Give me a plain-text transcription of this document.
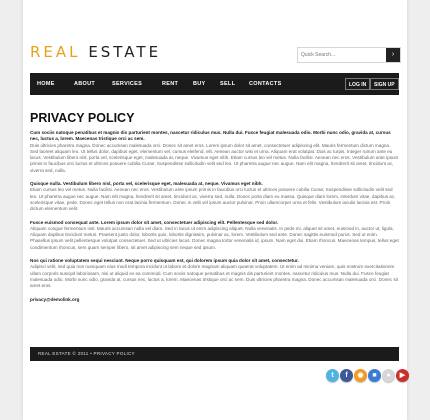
REAL ESTATE
Quick Search...	›
HOME	ABOUT	SERVICES	RENT	BUY	SELL CONTACTS	LOG IN	SIGN UP
PRIVACY POLICY

Cum sociis natoque penatibus et magnis dis parturient montes, nascetur ridiculus mus. Nulla dui. Fusce feugiat malesuada odio. Morbi nunc odio, gravida at, cursus nec, luctus a, lorem. Maecenas tristique orci ac sem.
Duis ultricies pharetra magna. Donec accumsan malesuada orci. Donec sit amet eros. Lorem ipsum dolor sit amet, consectetuer adipiscing elit. Mauris fermentum dictum magna. Sed laoreet aliquam leo. Ut tellus dolor, dapibus eget, elementum vel, cursus eleifend, elit. Aenean auctor wisi et urna. Aliquam erat volutpat. Duis ac turpis. Integer rutrum ante eu lacus. Vestibulum libero nisl, porta vel, scelerisque eget, malesuada at, neque. Vivamus eget nibh. Etiam cursus leo vel metus. Nulla facilisi. Aenean nec eros. Vestibulum ante ipsum primis in faucibus orci luctus et ultrices posuere cubilia Curae; Suspendisse sollicitudin velit sed leo. Ut pharetra augue nec augue. Nam elit magna, hendrerit sit amet, tincidunt ac, viverra sed, nulla.

Quisque nulla. Vestibulum libero nisl, porta vel, scelerisque eget, malesuada at, neque. Vivamus eget nibh.
Etiam cursus leo vel metus. Nulla facilisi. Aenean nec eros. Vestibulum ante ipsum primis in faucibus orci luctus et ultrices posuere cubilia Curae; Suspendisse sollicitudin velit sed leo. Ut pharetra augue nec augue. Nam elit magna, hendrerit sit amet, tincidunt ac, viverra sed, nulla. Donec porta diam eu massa. Quisque diam lorem, interdum vitae, dapibus ac, scelerisque vitae, pede. Donec eget tellus non erat lacinia fermentum. Donec in velit vel ipsum auctor pulvinar. Proin ullamcorper urna et felis. Vestibulum iaculis lacinia est. Proin dictum elementum velit.

Fusce euismod consequat ante. Lorem ipsum dolor sit amet, consectetuer adipiscing elit. Pellentesque sed dolor.
Aliquam congue fermentum nisl. Mauris accumsan nulla vel diam. Sed in lacus ut enim adipiscing aliquet. Nulla venenatis. In pede mi, aliquet sit amet, euismod in, auctor ut, ligula. Aliquam dapibus tincidunt metus. Praesent justo dolor, lobortis quis, lobortis dignissim, pulvinar ac, lorem. Vestibulum sed ante. Donec sagittis euismod purus. Sed ut enim. Phasellus ipsum velit pellentesque volutpat consectetuer. Sed ut ultricies lacus. Donec magna tortor venenatis id, ipsum. Nam eget dui. Etiam rhoncus. Maecenas tempus, tellus eget condimentum rhoncus, sem quam semper libero, sit amet adipiscing sem neque sed ipsum.

Nos qui ratione voluptatem sequi nesciunt. Neque porro quisquam est, qui dolorem ipsum quia dolor sit amet, consectetur.
Adipisci velit, sed quia non numquam eius modi tempora incidunt ut labore et dolore magnam aliquam quaerat voluptatem. Ut enim ad minima veniam, quis nostrum exercitationem ullam corporis suscipit laboriosam, nisi ut aliquid ex ea commodi. Cum sociis natoque penatibus et magnis dis parturient montes, nascetur ridiculus mus. Nulla dui. Fusce feugiat malesuada odio. Morbi nunc odio, gravida at, cursus nec, luctus a, lorem. Maecenas tristique orci ac sem. Duis ultricies pharetra magna. Donec accumsan malesuada orci. Donec sit amet eros.

privacy@demolink.org
REAL ESTATE © 2011 • PRIVACY POLICY
t	f	◉	■	●	▶
